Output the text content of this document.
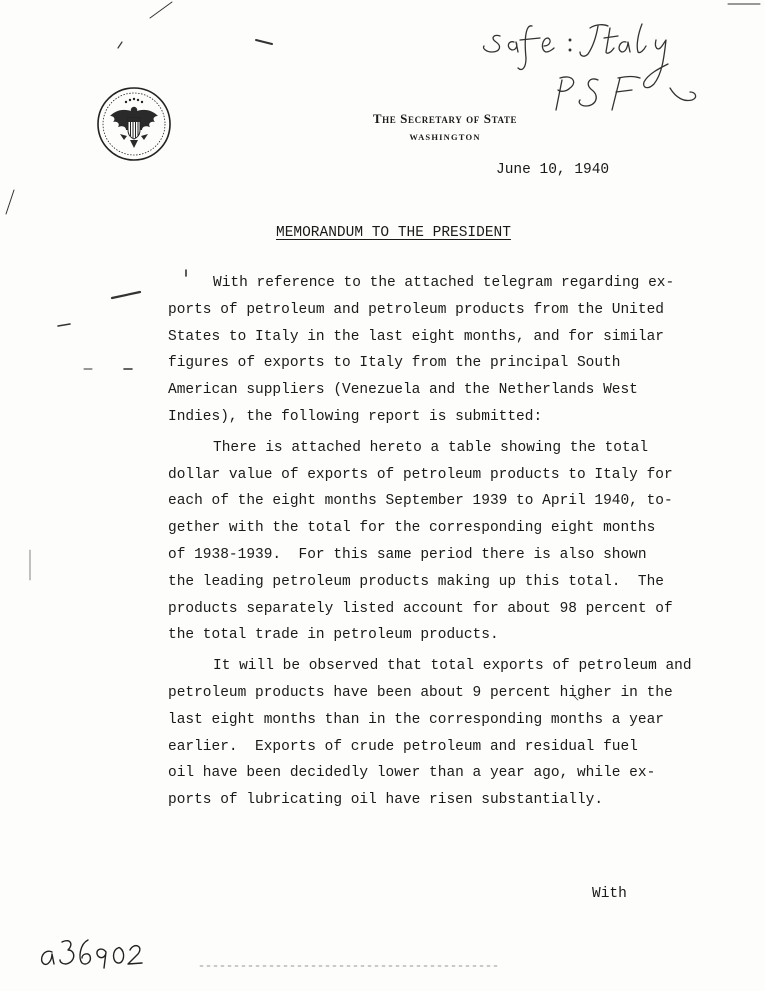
The Secretary of State
WASHINGTON
June 10, 1940
MEMORANDUM TO THE PRESIDENT
With reference to the attached telegram regarding ex-
ports of petroleum and petroleum products from the United
States to Italy in the last eight months, and for similar
figures of exports to Italy from the principal South
American suppliers (Venezuela and the Netherlands West
Indies), the following report is submitted:
There is attached hereto a table showing the total
dollar value of exports of petroleum products to Italy for
each of the eight months September 1939 to April 1940, to-
gether with the total for the corresponding eight months
of 1938-1939.  For this same period there is also shown
the leading petroleum products making up this total.  The
products separately listed account for about 98 percent of
the total trade in petroleum products.
It will be observed that total exports of petroleum and
petroleum products have been about 9 percent higher in the
last eight months than in the corresponding months a year
earlier.  Exports of crude petroleum and residual fuel
oil have been decidedly lower than a year ago, while ex-
ports of lubricating oil have risen substantially.
With
